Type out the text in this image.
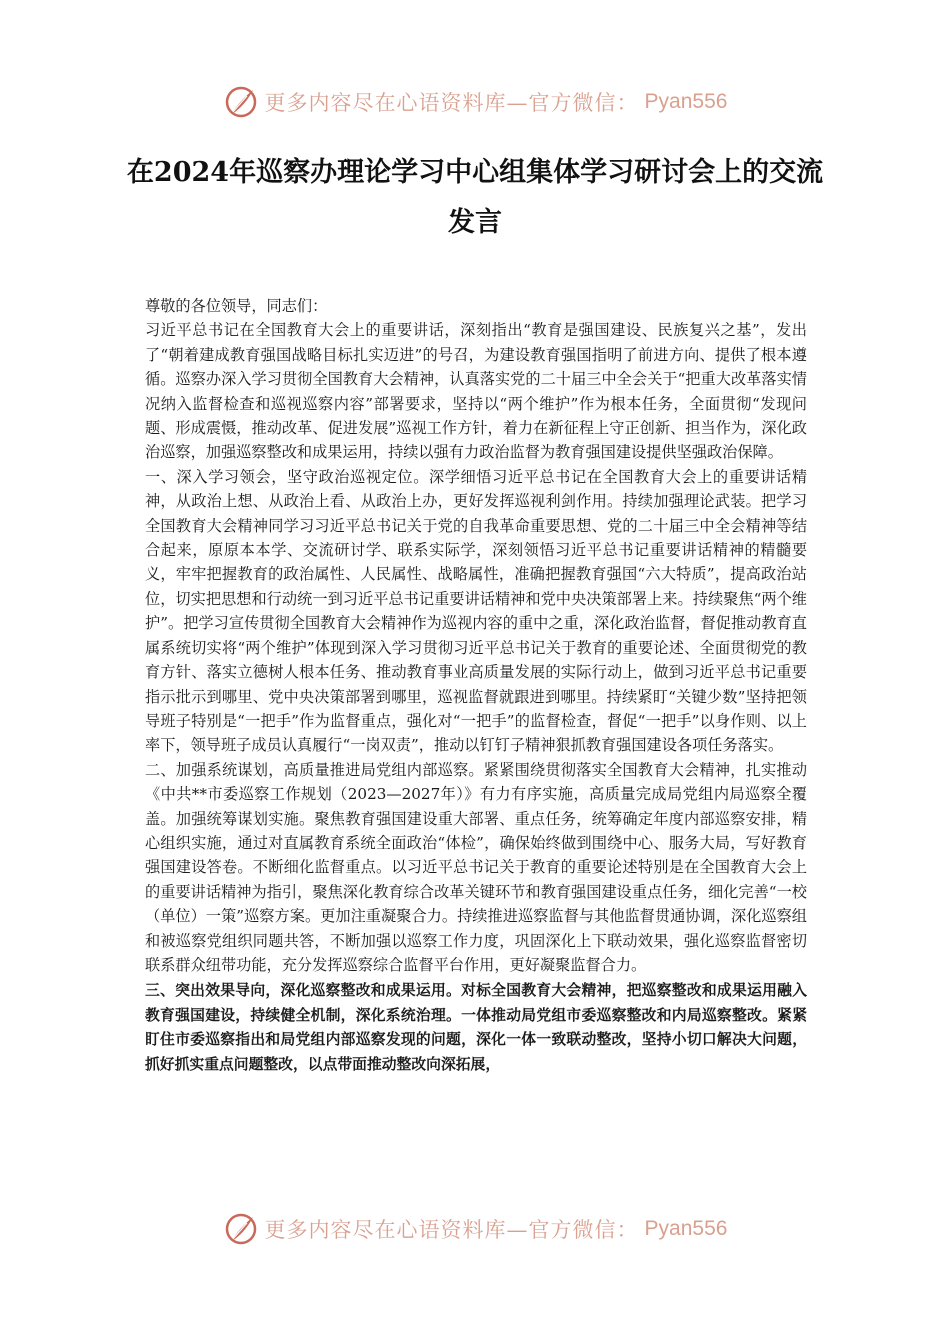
更多内容尽在心语资料库—官方微信： Pyan556
在2024年巡察办理论学习中心组集体学习研讨会上的交流发言

尊敬的各位领导，同志们：

习近平总书记在全国教育大会上的重要讲话，深刻指出“教育是强国建设、民族复兴之基”，发出了“朝着建成教育强国战略目标扎实迈进”的号召，为建设教育强国指明了前进方向、提供了根本遵循。巡察办深入学习贯彻全国教育大会精神，认真落实党的二十届三中全会关于“把重大改革落实情况纳入监督检查和巡视巡察内容”部署要求，坚持以“两个维护”作为根本任务，全面贯彻“发现问题、形成震慑，推动改革、促进发展”巡视工作方针，着力在新征程上守正创新、担当作为，深化政治巡察，加强巡察整改和成果运用，持续以强有力政治监督为教育强国建设提供坚强政治保障。

一、深入学习领会，坚守政治巡视定位。深学细悟习近平总书记在全国教育大会上的重要讲话精神，从政治上想、从政治上看、从政治上办，更好发挥巡视利剑作用。持续加强理论武装。把学习全国教育大会精神同学习习近平总书记关于党的自我革命重要思想、党的二十届三中全会精神等结合起来，原原本本学、交流研讨学、联系实际学，深刻领悟习近平总书记重要讲话精神的精髓要义，牢牢把握教育的政治属性、人民属性、战略属性，准确把握教育强国“六大特质”，提高政治站位，切实把思想和行动统一到习近平总书记重要讲话精神和党中央决策部署上来。持续聚焦“两个维护”。把学习宣传贯彻全国教育大会精神作为巡视内容的重中之重，深化政治监督，督促推动教育直属系统切实将“两个维护”体现到深入学习贯彻习近平总书记关于教育的重要论述、全面贯彻党的教育方针、落实立德树人根本任务、推动教育事业高质量发展的实际行动上，做到习近平总书记重要指示批示到哪里、党中央决策部署到哪里，巡视监督就跟进到哪里。持续紧盯“关键少数”坚持把领导班子特别是“一把手”作为监督重点，强化对“一把手”的监督检查，督促“一把手”以身作则、以上率下，领导班子成员认真履行“一岗双责”，推动以钉钉子精神狠抓教育强国建设各项任务落实。

二、加强系统谋划，高质量推进局党组内部巡察。紧紧围绕贯彻落实全国教育大会精神，扎实推动《中共**市委巡察工作规划（2023—2027年）》有力有序实施，高质量完成局党组内局巡察全覆盖。加强统筹谋划实施。聚焦教育强国建设重大部署、重点任务，统筹确定年度内部巡察安排，精心组织实施，通过对直属教育系统全面政治“体检”，确保始终做到围绕中心、服务大局，写好教育强国建设答卷。不断细化监督重点。以习近平总书记关于教育的重要论述特别是在全国教育大会上的重要讲话精神为指引，聚焦深化教育综合改革关键环节和教育强国建设重点任务，细化完善“一校（单位）一策”巡察方案。更加注重凝聚合力。持续推进巡察监督与其他监督贯通协调，深化巡察组和被巡察党组织同题共答，不断加强以巡察工作力度，巩固深化上下联动效果，强化巡察监督密切联系群众纽带功能，充分发挥巡察综合监督平台作用，更好凝聚监督合力。

三、突出效果导向，深化巡察整改和成果运用。对标全国教育大会精神，把巡察整改和成果运用融入教育强国建设，持续健全机制，深化系统治理。一体推动局党组市委巡察整改和内局巡察整改。紧紧盯住市委巡察指出和局党组内部巡察发现的问题，深化一体一致联动整改，坚持小切口解决大问题，抓好抓实重点问题整改，以点带面推动整改向深拓展，

更多内容尽在心语资料库—官方微信： Pyan556
